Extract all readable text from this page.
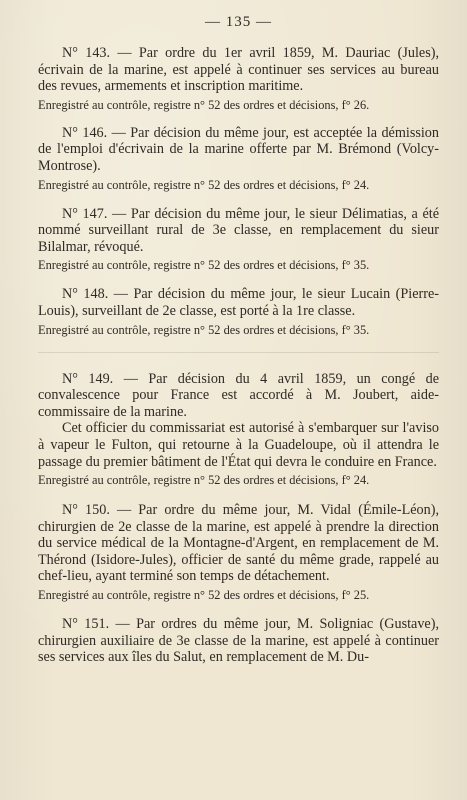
— 135 —

N° 143. — Par ordre du 1er avril 1859, M. Dauriac (Jules), écrivain de la marine, est appelé à continuer ses services au bureau des revues, armements et inscription maritime.

Enregistré au contrôle, registre n° 52 des ordres et décisions, f° 26.

N° 146. — Par décision du même jour, est acceptée la démission de l'emploi d'écrivain de la marine offerte par M. Brémond (Volcy-Montrose).

Enregistré au contrôle, registre n° 52 des ordres et décisions, f° 24.

N° 147. — Par décision du même jour, le sieur Délimatias, a été nommé surveillant rural de 3e classe, en remplacement du sieur Bilalmar, révoqué.

Enregistré au contrôle, registre n° 52 des ordres et décisions, f° 35.

N° 148. — Par décision du même jour, le sieur Lucain (Pierre-Louis), surveillant de 2e classe, est porté à la 1re classe.

Enregistré au contrôle, registre n° 52 des ordres et décisions, f° 35.

N° 149. — Par décision du 4 avril 1859, un congé de convalescence pour France est accordé à M. Joubert, aide-commissaire de la marine.

Cet officier du commissariat est autorisé à s'embarquer sur l'aviso à vapeur le Fulton, qui retourne à la Guadeloupe, où il attendra le passage du premier bâtiment de l'État qui devra le conduire en France.

Enregistré au contrôle, registre n° 52 des ordres et décisions, f° 24.

N° 150. — Par ordre du même jour, M. Vidal (Émile-Léon), chirurgien de 2e classe de la marine, est appelé à prendre la direction du service médical de la Montagne-d'Argent, en remplacement de M. Thérond (Isidore-Jules), officier de santé du même grade, rappelé au chef-lieu, ayant terminé son temps de détachement.

Enregistré au contrôle, registre n° 52 des ordres et décisions, f° 25.

N° 151. — Par ordres du même jour, M. Soligniac (Gustave), chirurgien auxiliaire de 3e classe de la marine, est appelé à continuer ses services aux îles du Salut, en remplacement de M. Du-
